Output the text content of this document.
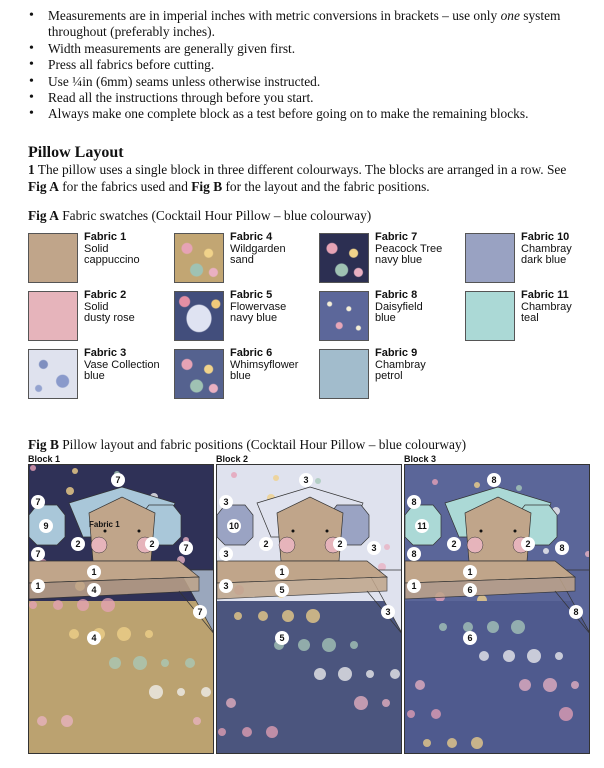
• Measurements are in imperial inches with metric conversions in brackets – use only one system throughout (preferably inches).
• Width measurements are generally given first.
• Press all fabrics before cutting.
• Use ¼in (6mm) seams unless otherwise instructed.
• Read all the instructions through before you start.
• Always make one complete block as a test before going on to make the remaining blocks.
Pillow Layout
1 The pillow uses a single block in three different colourways. The blocks are arranged in a row. See Fig A for the fabrics used and Fig B for the layout and the fabric positions.
Fig A Fabric swatches (Cocktail Hour Pillow – blue colourway)
Fabric 1
Solid
cappuccino
Fabric 2
Solid
dusty rose
Fabric 3
Vase Collection
blue
Fabric 4
Wildgarden
sand
Fabric 5
Flowervase
navy blue
Fabric 6
Whimsyflower
blue
Fabric 7
Peacock Tree
navy blue
Fabric 8
Daisyfield
blue
Fabric 9
Chambray
petrol
Fabric 10
Chambray
dark blue
Fabric 11
Chambray
teal
Fig B Pillow layout and fabric positions (Cocktail Hour Pillow – blue colourway)
Block 1
7
9
7
7
7
2	2
1
1	4
4
7
Fabric 1
Block 2
3
10
3
3
3
2	2
1
3	5
5
3
Block 3
8
11
8
8
8
2	2
1
1	6
6
8
